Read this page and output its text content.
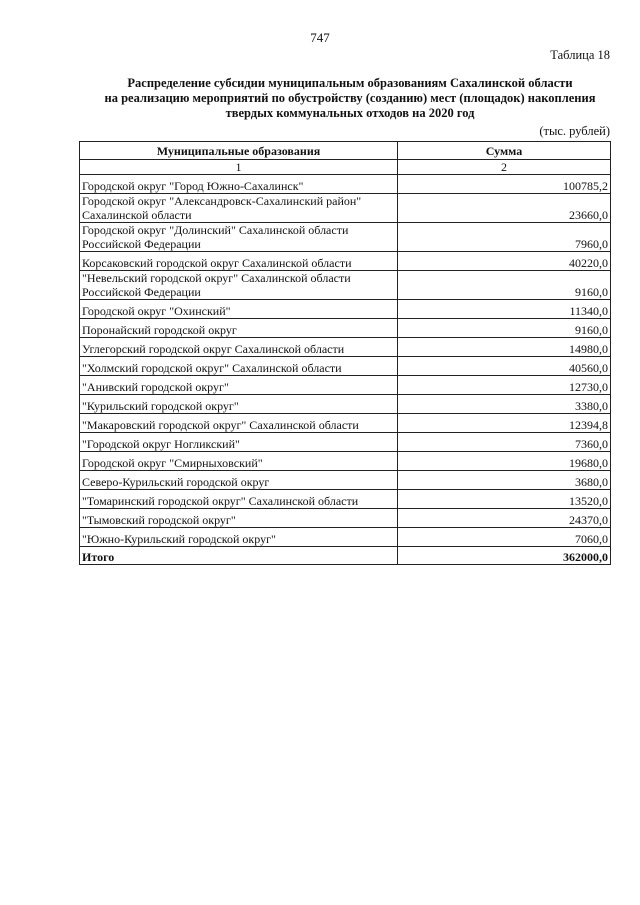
747
Таблица 18
Распределение субсидии муниципальным образованиям Сахалинской области
на реализацию мероприятий по обустройству (созданию) мест (площадок) накопления
твердых коммунальных отходов на 2020 год
(тыс. рублей)
Муниципальные образования	Сумма
1	2

Городской округ "Город Южно-Сахалинск"	100785,2

Городской округ "Александровск-Сахалинский район"
Сахалинской области	23660,0

Городской округ "Долинский" Сахалинской области
Российской Федерации	7960,0

Корсаковский городской округ Сахалинской области	40220,0

"Невельский городской округ" Сахалинской области
Российской Федерации	9160,0

Городской округ "Охинский"	11340,0

Поронайский городской округ	9160,0

Углегорский городской округ Сахалинской области	14980,0

"Холмский городской округ" Сахалинской области	40560,0

"Анивский городской округ"	12730,0

"Курильский городской округ"	3380,0

"Макаровский городской округ" Сахалинской области	12394,8

"Городской округ Ногликский"	7360,0

Городской округ "Смирныховский"	19680,0

Северо-Курильский городской округ	3680,0

"Томаринский городской округ" Сахалинской области	13520,0

"Тымовский городской округ"	24370,0

"Южно-Курильский городской округ"	7060,0
Итого	362000,0
